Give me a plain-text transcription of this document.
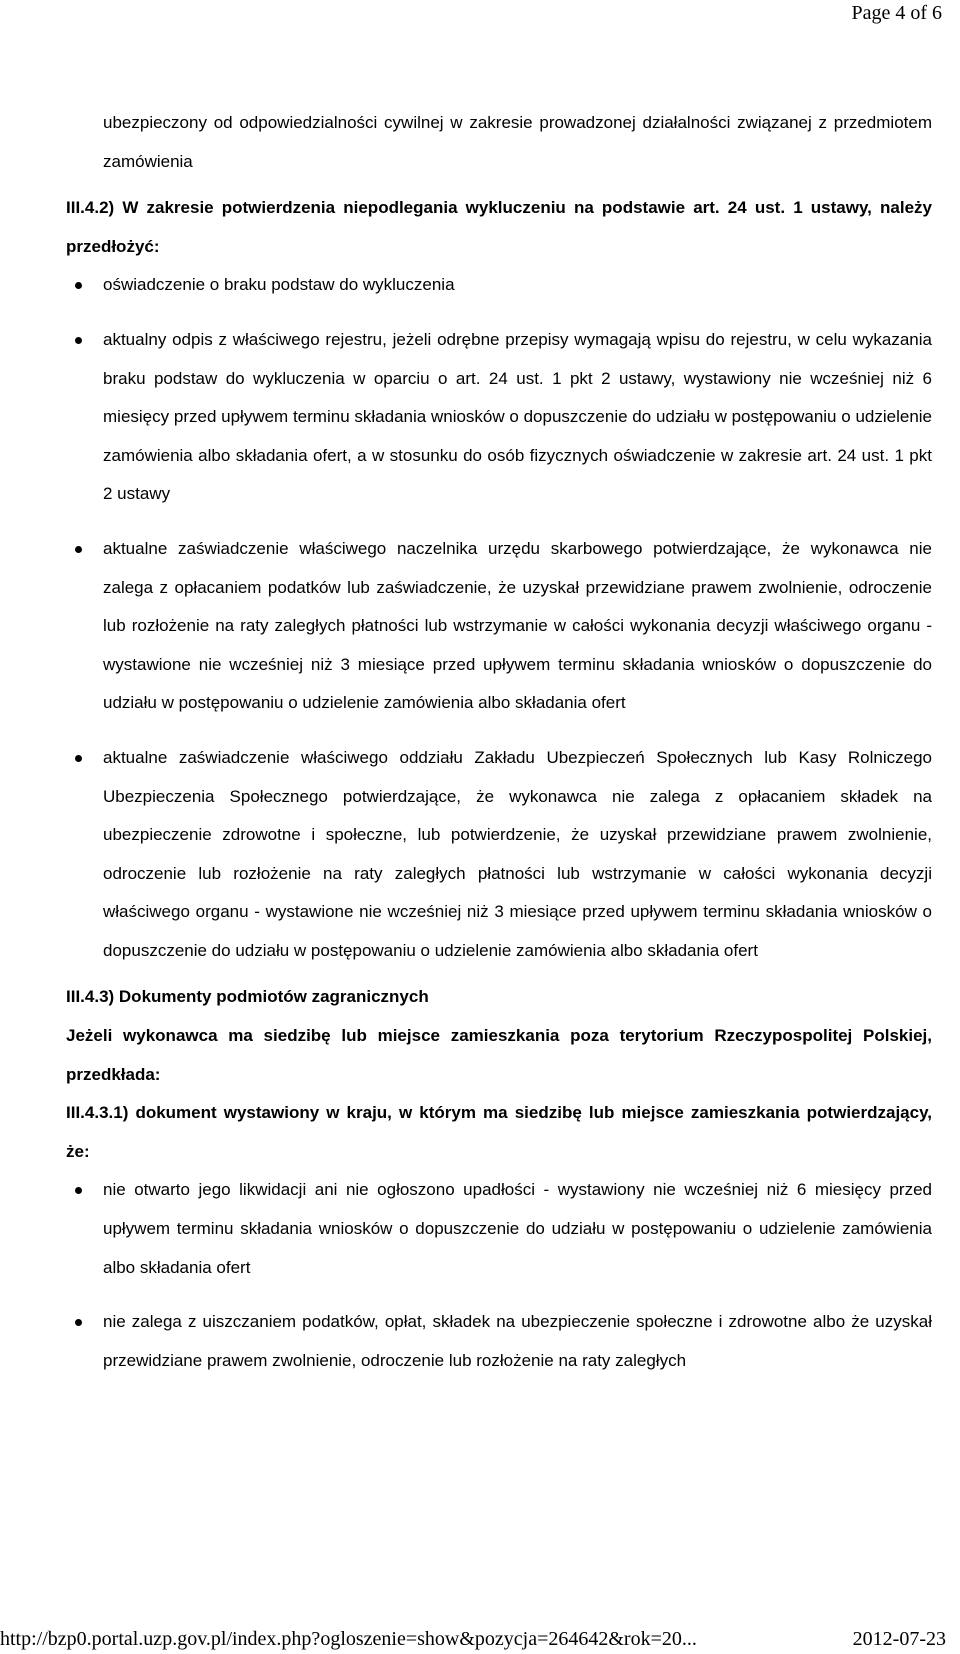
Page 4 of 6

ubezpieczony od odpowiedzialności cywilnej w zakresie prowadzonej działalności związanej z przedmiotem zamówienia

III.4.2) W zakresie potwierdzenia niepodlegania wykluczeniu na podstawie art. 24 ust. 1 ustawy, należy przedłożyć:

oświadczenie o braku podstaw do wykluczenia
aktualny odpis z właściwego rejestru, jeżeli odrębne przepisy wymagają wpisu do rejestru, w celu wykazania braku podstaw do wykluczenia w oparciu o art. 24 ust. 1 pkt 2 ustawy, wystawiony nie wcześniej niż 6 miesięcy przed upływem terminu składania wniosków o dopuszczenie do udziału w postępowaniu o udzielenie zamówienia albo składania ofert, a w stosunku do osób fizycznych oświadczenie w zakresie art. 24 ust. 1 pkt 2 ustawy
aktualne zaświadczenie właściwego naczelnika urzędu skarbowego potwierdzające, że wykonawca nie zalega z opłacaniem podatków lub zaświadczenie, że uzyskał przewidziane prawem zwolnienie, odroczenie lub rozłożenie na raty zaległych płatności lub wstrzymanie w całości wykonania decyzji właściwego organu - wystawione nie wcześniej niż 3 miesiące przed upływem terminu składania wniosków o dopuszczenie do udziału w postępowaniu o udzielenie zamówienia albo składania ofert
aktualne zaświadczenie właściwego oddziału Zakładu Ubezpieczeń Społecznych lub Kasy Rolniczego Ubezpieczenia Społecznego potwierdzające, że wykonawca nie zalega z opłacaniem składek na ubezpieczenie zdrowotne i społeczne, lub potwierdzenie, że uzyskał przewidziane prawem zwolnienie, odroczenie lub rozłożenie na raty zaległych płatności lub wstrzymanie w całości wykonania decyzji właściwego organu - wystawione nie wcześniej niż 3 miesiące przed upływem terminu składania wniosków o dopuszczenie do udziału w postępowaniu o udzielenie zamówienia albo składania ofert

III.4.3) Dokumenty podmiotów zagranicznych

Jeżeli wykonawca ma siedzibę lub miejsce zamieszkania poza terytorium Rzeczypospolitej Polskiej, przedkłada:

III.4.3.1) dokument wystawiony w kraju, w którym ma siedzibę lub miejsce zamieszkania potwierdzający, że:

nie otwarto jego likwidacji ani nie ogłoszono upadłości - wystawiony nie wcześniej niż 6 miesięcy przed upływem terminu składania wniosków o dopuszczenie do udziału w postępowaniu o udzielenie zamówienia albo składania ofert
nie zalega z uiszczaniem podatków, opłat, składek na ubezpieczenie społeczne i zdrowotne albo że uzyskał przewidziane prawem zwolnienie, odroczenie lub rozłożenie na raty zaległych
http://bzp0.portal.uzp.gov.pl/index.php?ogloszenie=show&pozycja=264642&rok=20...	2012-07-23
